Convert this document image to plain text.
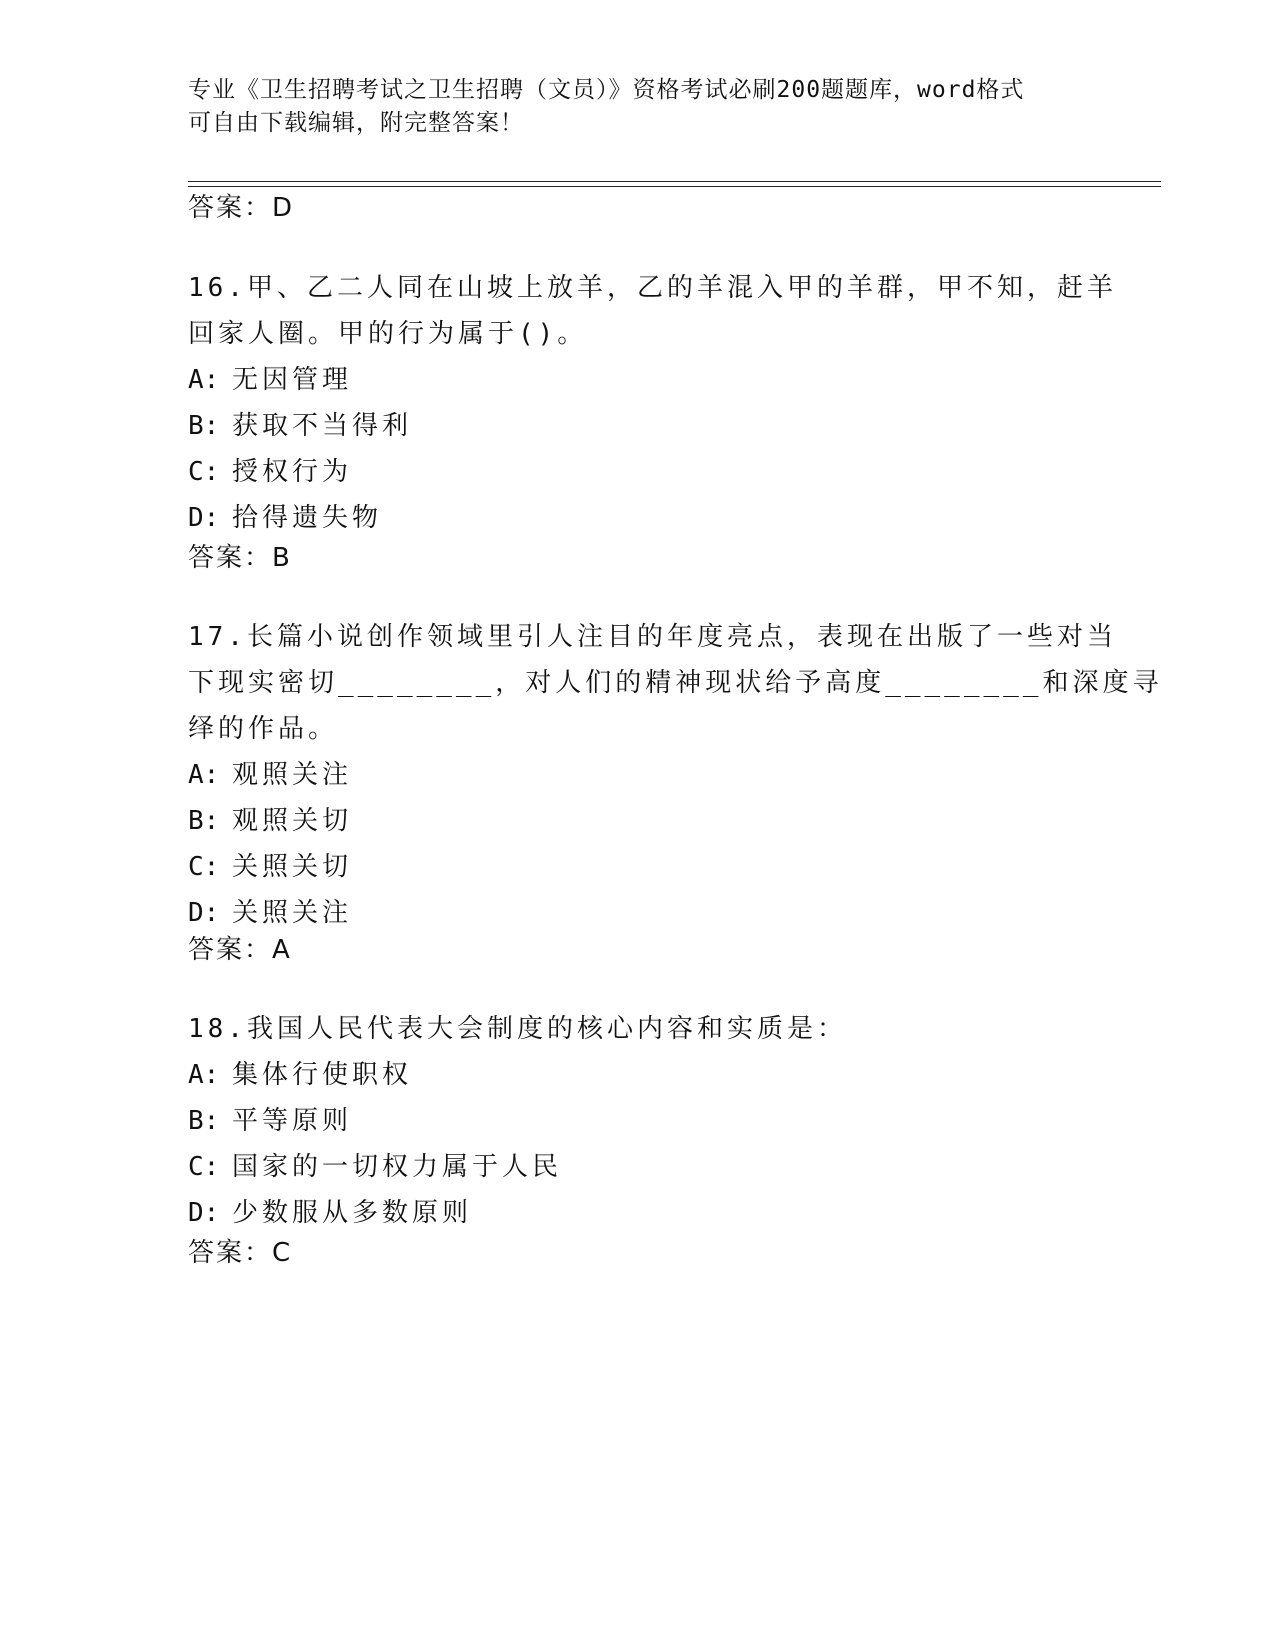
专业《卫生招聘考试之卫生招聘（文员）》资格考试必刷200题题库，word格式
可自由下载编辑，附完整答案！
答案：D
16.甲、乙二人同在山坡上放羊，乙的羊混入甲的羊群，甲不知，赶羊
回家人圈。甲的行为属于()。
A: 无因管理
B: 获取不当得利
C: 授权行为
D: 拾得遗失物
答案：B
17.长篇小说创作领域里引人注目的年度亮点，表现在出版了一些对当
下现实密切________，对人们的精神现状给予高度________和深度寻
绎的作品。
A: 观照关注
B: 观照关切
C: 关照关切
D: 关照关注
答案：A
18.我国人民代表大会制度的核心内容和实质是：
A: 集体行使职权
B: 平等原则
C: 国家的一切权力属于人民
D: 少数服从多数原则
答案：C
